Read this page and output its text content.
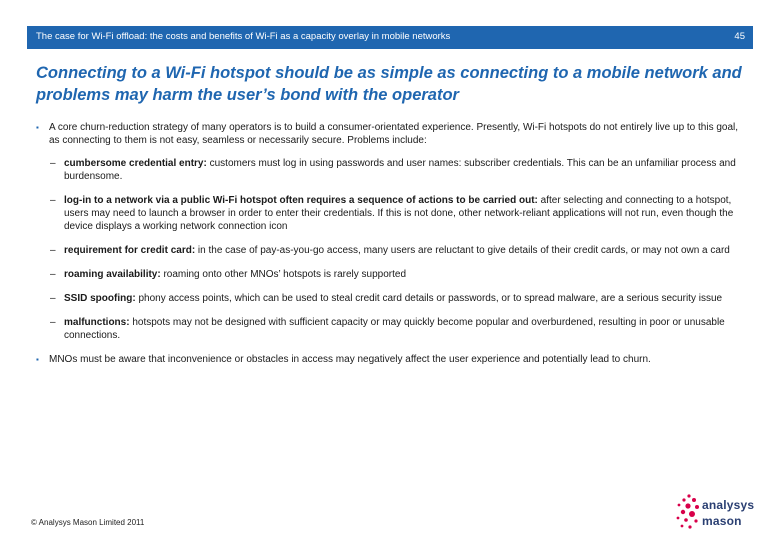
The case for Wi-Fi offload: the costs and benefits of Wi-Fi as a capacity overlay in mobile networks	45
Connecting to a Wi-Fi hotspot should be as simple as connecting to a mobile network and problems may harm the user’s bond with the operator
▪ A core churn-reduction strategy of many operators is to build a consumer-orientated experience. Presently, Wi-Fi hotspots do not entirely live up to this goal, as connecting to them is not easy, seamless or necessarily secure. Problems include:
– cumbersome credential entry: customers must log in using passwords and user names: subscriber credentials. This can be an unfamiliar process and burdensome.
– log-in to a network via a public Wi-Fi hotspot often requires a sequence of actions to be carried out: after selecting and connecting to a hotspot, users may need to launch a browser in order to enter their credentials. If this is not done, other network-reliant applications will not run, even though the device displays a working network connection icon
– requirement for credit card: in the case of pay-as-you-go access, many users are reluctant to give details of their credit cards, or may not own a card
– roaming availability: roaming onto other MNOs’ hotspots is rarely supported
– SSID spoofing: phony access points, which can be used to steal credit card details or passwords, or to spread malware, are a serious security issue
– malfunctions: hotspots may not be designed with sufficient capacity or may quickly become popular and overburdened, resulting in poor or unusable connections.
▪ MNOs must be aware that inconvenience or obstacles in access may negatively affect the user experience and potentially lead to churn.
© Analysys Mason Limited 2011
analysys
mason
